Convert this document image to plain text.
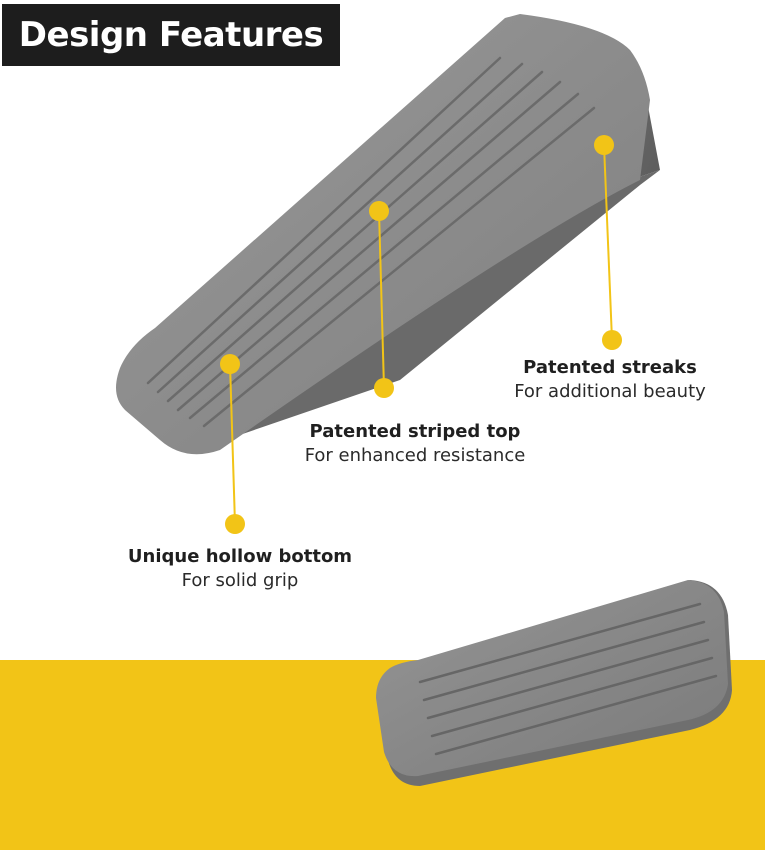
Design Features
Patented streaks
For additional beauty
Patented striped top
For enhanced resistance
Unique hollow bottom
For solid grip
